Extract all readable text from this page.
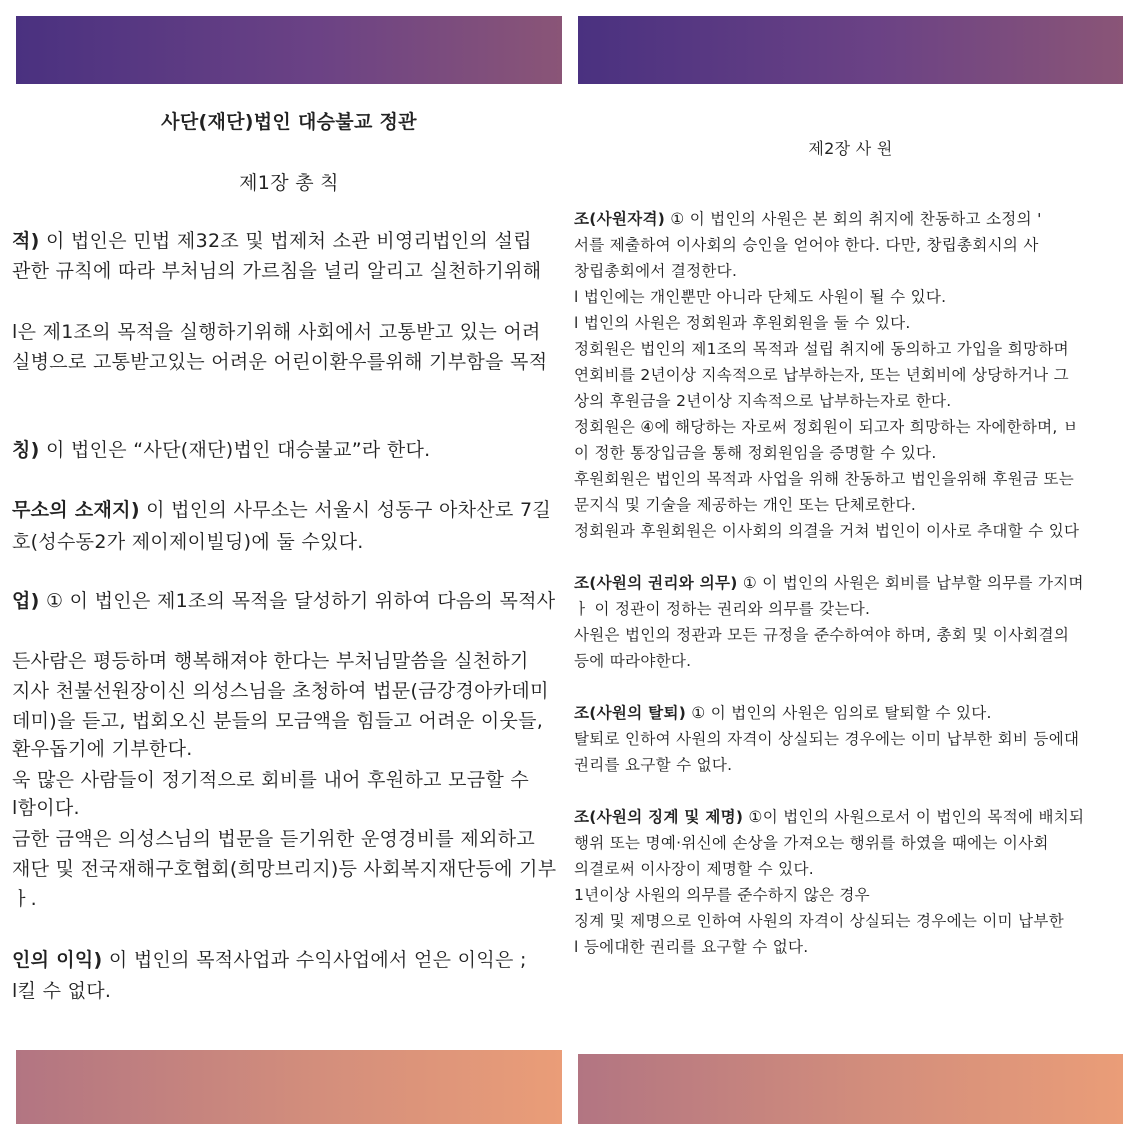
사단(재단)법인 대승불교 정관
제1장 총 칙
적) 이 법인은 민법 제32조 및 법제처 소관 비영리법인의 설립
관한 규칙에 따라 부처님의 가르침을 널리 알리고 실천하기위해
l은 제1조의 목적을 실행하기위해 사회에서 고통받고 있는 어려
실병으로 고통받고있는 어려운 어린이환우를위해 기부함을 목적
칭) 이 법인은 “사단(재단)법인 대승불교”라 한다.
무소의 소재지) 이 법인의 사무소는 서울시 성동구 아차산로 7길
호(성수동2가 제이제이빌딩)에 둘 수있다.
업) ① 이 법인은 제1조의 목적을 달성하기 위하여 다음의 목적사
든사람은 평등하며 행복해져야 한다는 부처님말씀을 실천하기
지사 천불선원장이신 의성스님을 초청하여 법문(금강경아카데미
데미)을 듣고, 법회오신 분들의 모금액을 힘들고 어려운 이웃들,
환우돕기에 기부한다.
욱 많은 사람들이 정기적으로 회비를 내어 후원하고 모금할 수
l함이다.
금한 금액은 의성스님의 법문을 듣기위한 운영경비를 제외하고
재단 및 전국재해구호협회(희망브리지)등 사회복지재단등에 기부
ㅏ.
인의 이익) 이 법인의 목적사업과 수익사업에서 얻은 이익은 ;
l킬 수 없다.
제2장 사 원
조(사원자격) ① 이 법인의 사원은 본 회의 취지에 찬동하고 소정의 '
서를 제출하여 이사회의 승인을 얻어야 한다. 다만, 창립총회시의 사
창립총회에서 결정한다.
l 법인에는 개인뿐만 아니라 단체도 사원이 될 수 있다.
l 법인의 사원은 정회원과 후원회원을 둘 수 있다.
정회원은 법인의 제1조의 목적과 설립 취지에 동의하고 가입을 희망하며
연회비를 2년이상 지속적으로 납부하는자, 또는 년회비에 상당하거나 그
상의 후원금을 2년이상 지속적으로 납부하는자로 한다.
정회원은 ④에 해당하는 자로써 정회원이 되고자 희망하는 자에한하며, ㅂ
이 정한 통장입금을 통해 정회원임을 증명할 수 있다.
후원회원은 법인의 목적과 사업을 위해 찬동하고 법인을위해 후원금 또는
문지식 및 기술을 제공하는 개인 또는 단체로한다.
정회원과 후원회원은 이사회의 의결을 거쳐 법인이 이사로 추대할 수 있다
조(사원의 권리와 의무) ① 이 법인의 사원은 회비를 납부할 의무를 가지며
ㅏ 이 정관이 정하는 권리와 의무를 갖는다.
사원은 법인의 정관과 모든 규정을 준수하여야 하며, 총회 및 이사회결의
등에 따라야한다.
조(사원의 탈퇴) ① 이 법인의 사원은 임의로 탈퇴할 수 있다.
탈퇴로 인하여 사원의 자격이 상실되는 경우에는 이미 납부한 회비 등에대
권리를 요구할 수 없다.
조(사원의 징계 및 제명) ①이 법인의 사원으로서 이 법인의 목적에 배치되
행위 또는 명예·위신에 손상을 가져오는 행위를 하였을 때에는 이사회
의결로써 이사장이 제명할 수 있다.
1년이상 사원의 의무를 준수하지 않은 경우
징계 및 제명으로 인하여 사원의 자격이 상실되는 경우에는 이미 납부한
l 등에대한 권리를 요구할 수 없다.
